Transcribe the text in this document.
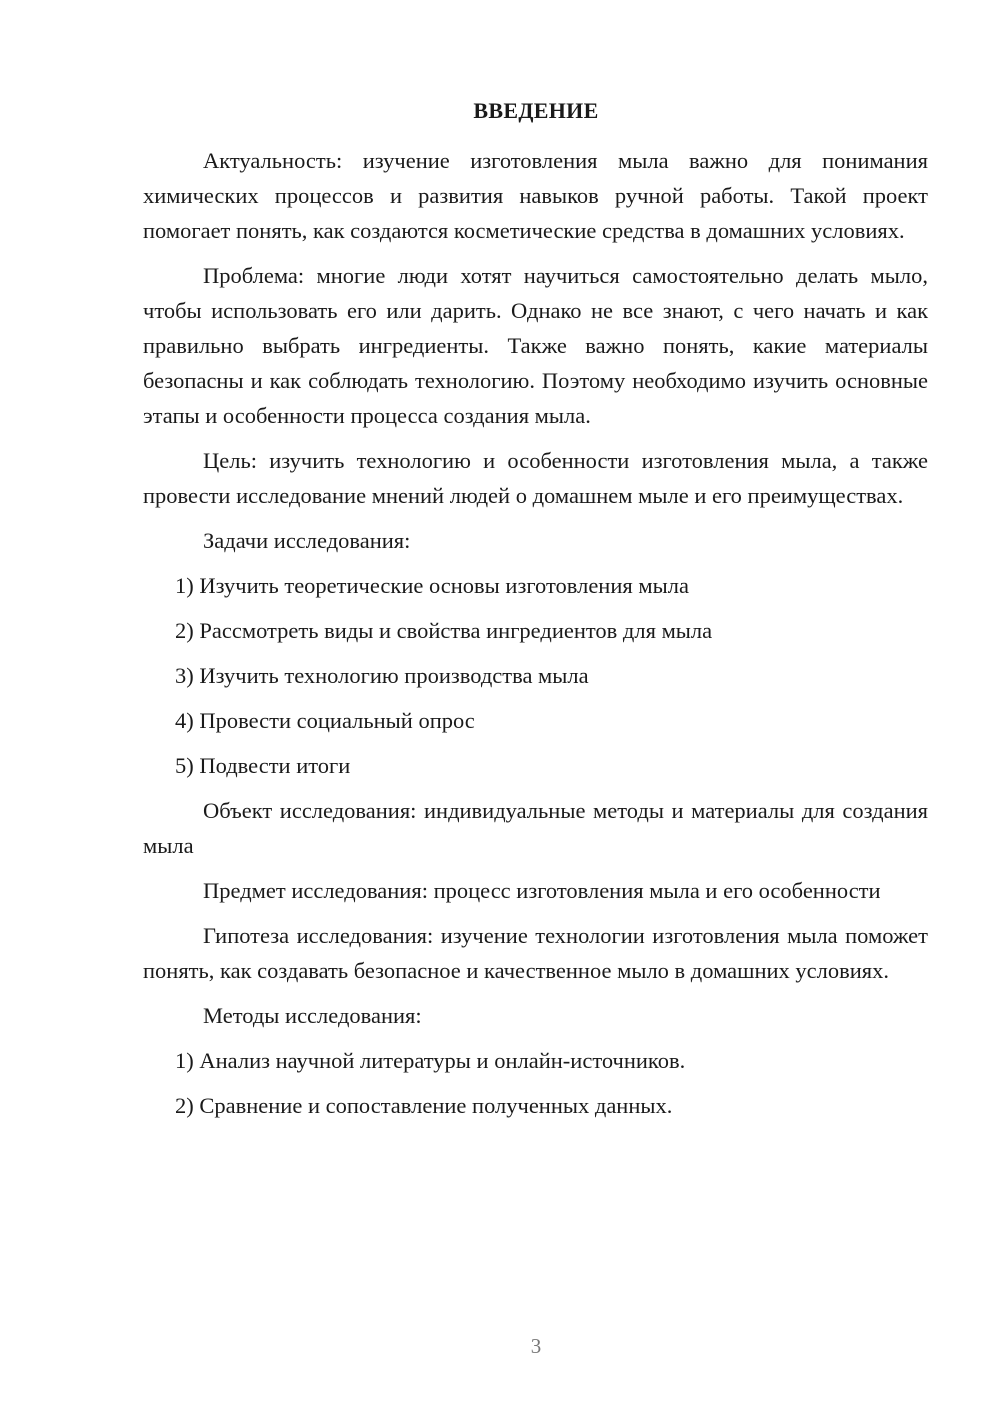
ВВЕДЕНИЕ

Актуальность: изучение изготовления мыла важно для понимания химических процессов и развития навыков ручной работы. Такой проект помогает понять, как создаются косметические средства в домашних условиях.

Проблема: многие люди хотят научиться самостоятельно делать мыло, чтобы использовать его или дарить. Однако не все знают, с чего начать и как правильно выбрать ингредиенты. Также важно понять, какие материалы безопасны и как соблюдать технологию. Поэтому необходимо изучить основные этапы и особенности процесса создания мыла.

Цель: изучить технологию и особенности изготовления мыла, а также провести исследование мнений людей о домашнем мыле и его преимуществах.

Задачи исследования:

1) Изучить теоретические основы изготовления мыла
2) Рассмотреть виды и свойства ингредиентов для мыла
3) Изучить технологию производства мыла
4) Провести социальный опрос
5) Подвести итоги

Объект исследования: индивидуальные методы и материалы для создания мыла

Предмет исследования: процесс изготовления мыла и его особенности

Гипотеза исследования: изучение технологии изготовления мыла поможет понять, как создавать безопасное и качественное мыло в домашних условиях.

Методы исследования:

1) Анализ научной литературы и онлайн-источников.
2) Сравнение и сопоставление полученных данных.
3
